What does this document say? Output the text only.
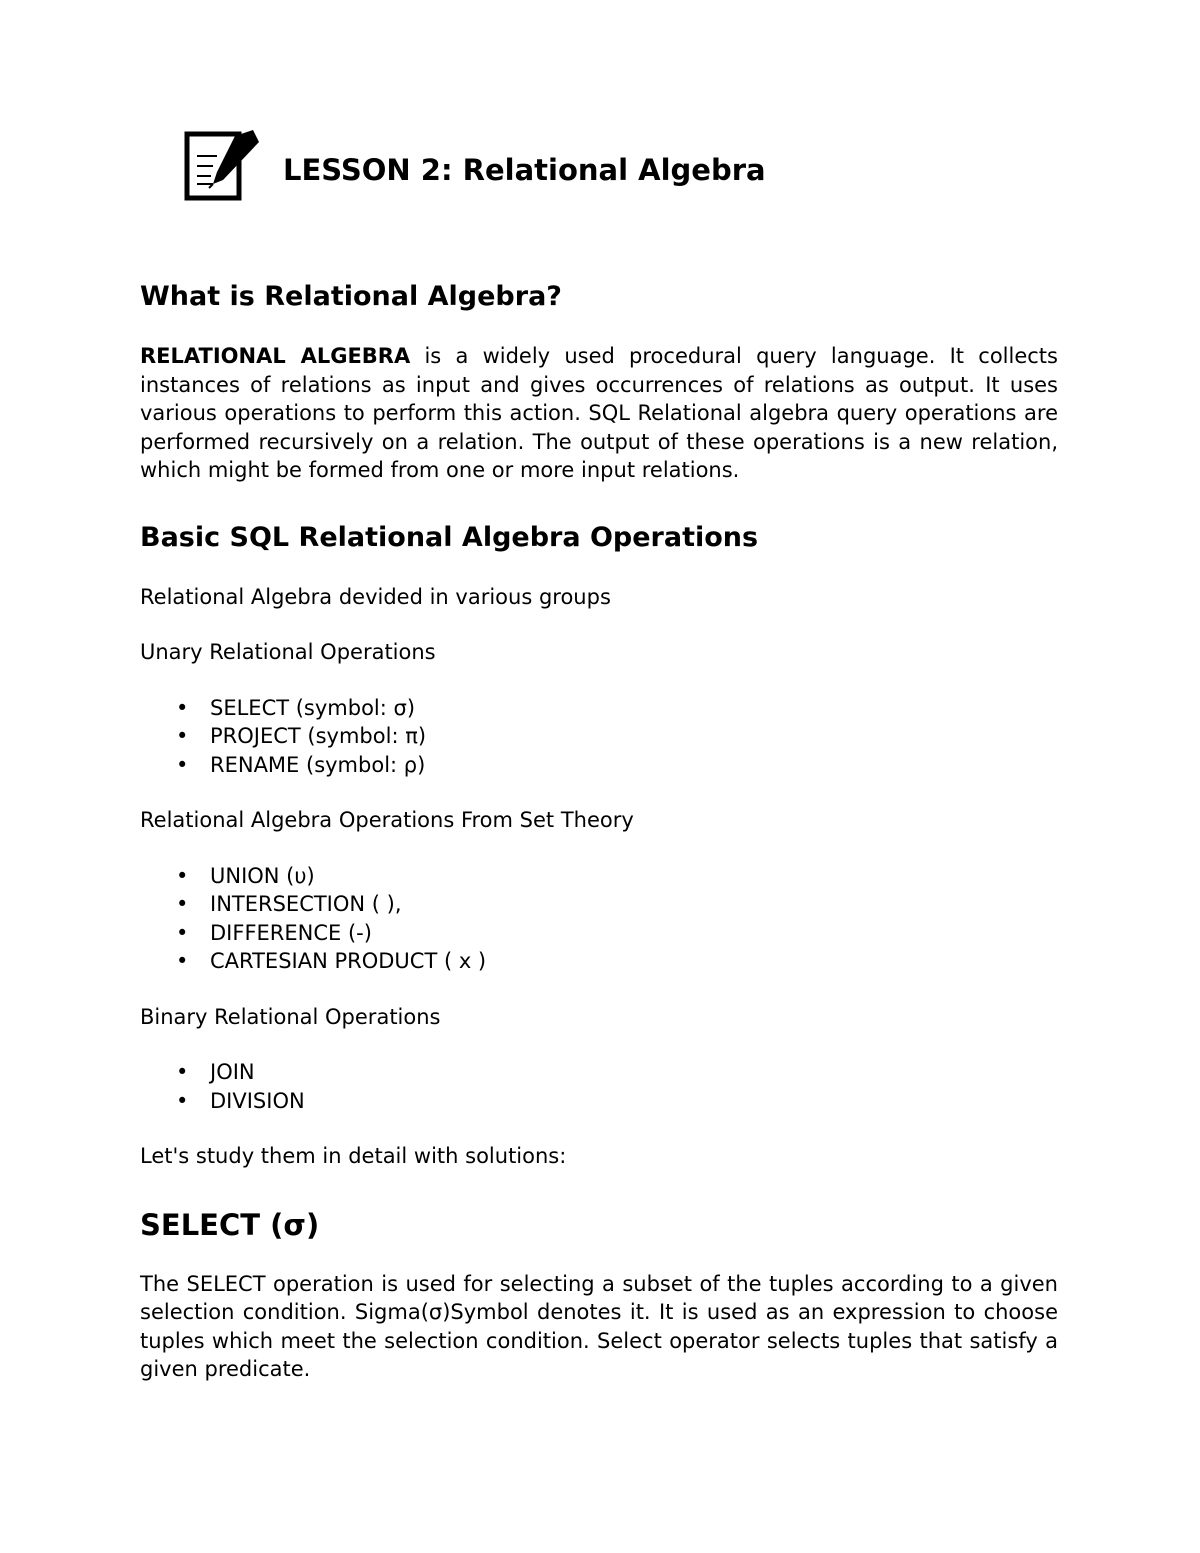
LESSON 2: Relational Algebra
What is Relational Algebra?

RELATIONAL ALGEBRA is a widely used procedural query language. It collects instances of relations as input and gives occurrences of relations as output. It uses various operations to perform this action. SQL Relational algebra query operations are performed recursively on a relation. The output of these operations is a new relation, which might be formed from one or more input relations.

Basic SQL Relational Algebra Operations

Relational Algebra devided in various groups

Unary Relational Operations

• SELECT (symbol: σ)
• PROJECT (symbol: π)
• RENAME (symbol: ρ)

Relational Algebra Operations From Set Theory

• UNION (υ)
• INTERSECTION ( ),
• DIFFERENCE (-)
• CARTESIAN PRODUCT ( x )

Binary Relational Operations

• JOIN
• DIVISION

Let's study them in detail with solutions:

SELECT (σ)

The SELECT operation is used for selecting a subset of the tuples according to a given selection condition. Sigma(σ)Symbol denotes it. It is used as an expression to choose tuples which meet the selection condition. Select operator selects tuples that satisfy a given predicate.
